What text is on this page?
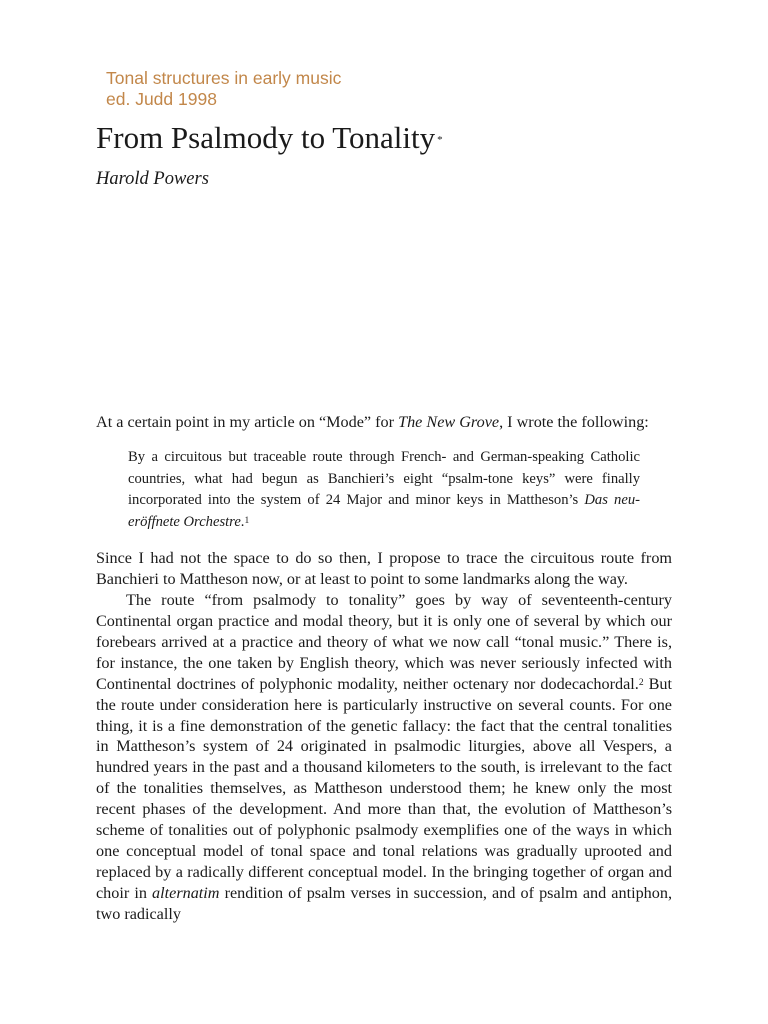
Tonal structures in early music
ed. Judd 1998
From Psalmody to Tonality *
Harold Powers

At a certain point in my article on “Mode” for The New Grove, I wrote the following:

By a circuitous but traceable route through French- and German-speaking Catholic countries, what had begun as Banchieri’s eight “psalm-tone keys” were finally incorporated into the system of 24 Major and minor keys in Mattheson’s Das neu-eröffnete Orchestre.$^1$

Since I had not the space to do so then, I propose to trace the circuitous route from Banchieri to Mattheson now, or at least to point to some landmarks along the way.

The route “from psalmody to tonality” goes by way of seventeenth-century Continental organ practice and modal theory, but it is only one of several by which our forebears arrived at a practice and theory of what we now call “tonal music.” There is, for instance, the one taken by English theory, which was never seriously infected with Continental doctrines of polyphonic modality, neither octenary nor dodecachordal.$^2$ But the route under consideration here is particularly instructive on several counts. For one thing, it is a fine demonstration of the genetic fallacy: the fact that the central tonalities in Mattheson’s system of 24 originated in psalmodic liturgies, above all Vespers, a hundred years in the past and a thousand kilometers to the south, is irrelevant to the fact of the tonalities themselves, as Mattheson understood them; he knew only the most recent phases of the development. And more than that, the evolution of Mattheson’s scheme of tonalities out of polyphonic psalmody exemplifies one of the ways in which one conceptual model of tonal space and tonal relations was gradually uprooted and replaced by a radically different conceptual model. In the bringing together of organ and choir in alternatim rendition of psalm verses in succession, and of psalm and antiphon, two radically
